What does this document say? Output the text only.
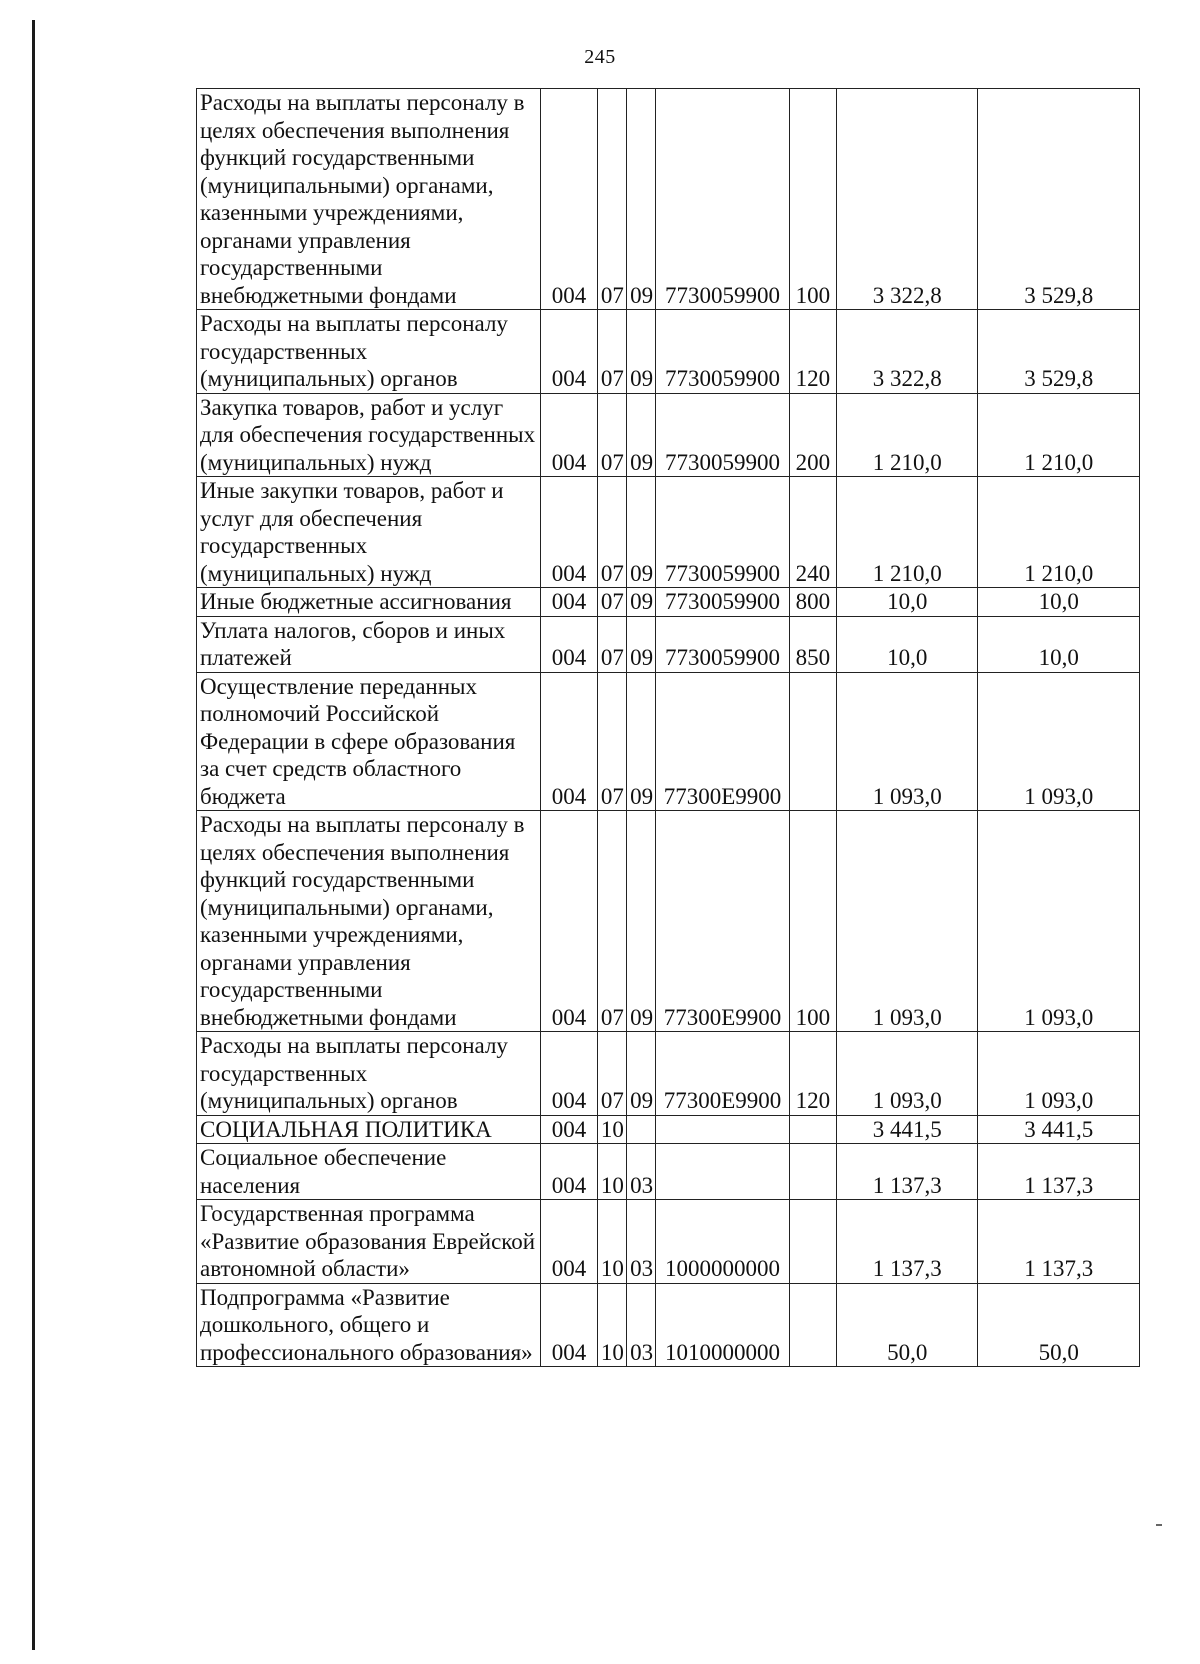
245
Расходы на выплаты персоналу в целях обеспечения выполнения функций государственными (муниципальными) органами, казенными учреждениями, органами управления государственными внебюджетными фондами	004	07	09	7730059900	100	3 322,8	3 529,8
Расходы на выплаты персоналу государственных (муниципальных) органов	004	07	09	7730059900	120	3 322,8	3 529,8
Закупка товаров, работ и услуг для обеспечения государственных (муниципальных) нужд	004	07	09	7730059900	200	1 210,0	1 210,0
Иные закупки товаров, работ и услуг для обеспечения государственных (муниципальных) нужд	004	07	09	7730059900	240	1 210,0	1 210,0
Иные бюджетные ассигнования	004	07	09	7730059900	800	10,0	10,0
Уплата налогов, сборов и иных платежей	004	07	09	7730059900	850	10,0	10,0
Осуществление переданных полномочий Российской Федерации в сфере образования за счет средств областного бюджета	004	07	09	77300E9900		1 093,0	1 093,0
Расходы на выплаты персоналу в целях обеспечения выполнения функций государственными (муниципальными) органами, казенными учреждениями, органами управления государственными внебюджетными фондами	004	07	09	77300E9900	100	1 093,0	1 093,0
Расходы на выплаты персоналу государственных (муниципальных) органов	004	07	09	77300E9900	120	1 093,0	1 093,0
СОЦИАЛЬНАЯ ПОЛИТИКА	004	10				3 441,5	3 441,5
Социальное обеспечение населения	004	10	03			1 137,3	1 137,3
Государственная программа «Развитие образования Еврейской автономной области»	004	10	03	1000000000		1 137,3	1 137,3
Подпрограмма «Развитие дошкольного, общего и профессионального образования»	004	10	03	1010000000		50,0	50,0
